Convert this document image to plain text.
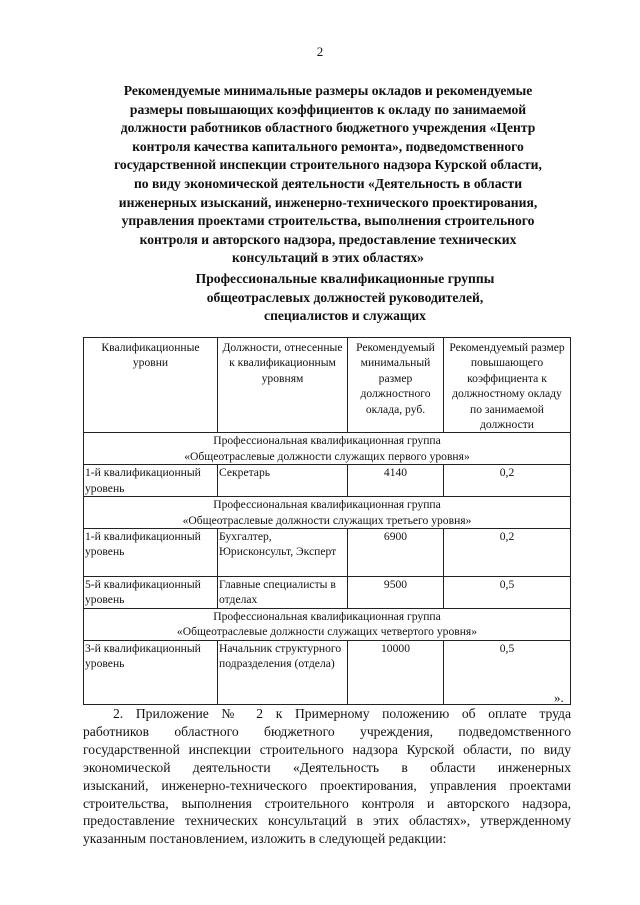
2
Рекомендуемые минимальные размеры окладов и рекомендуемые
размеры повышающих коэффициентов к окладу по занимаемой
должности работников областного бюджетного учреждения «Центр
контроля качества капитального ремонта», подведомственного
государственной инспекции строительного надзора Курской области,
по виду экономической деятельности «Деятельность в области
инженерных изысканий, инженерно-технического проектирования,
управления проектами строительства, выполнения строительного
контроля и авторского надзора, предоставление технических
консультаций в этих областях»
Профессиональные квалификационные группы
общеотраслевых должностей руководителей,
специалистов и служащих
Квалификационные уровни	Должности, отнесенные к квалификационным уровням	Рекомендуемый минимальный размер должностного оклада, руб.	Рекомендуемый размер повышающего коэффициента к должностному окладу по занимаемой должности

Профессиональная квалификационная группа
«Общеотраслевые должности служащих первого уровня»			

1-й квалификационный уровень	Секретарь	4140	0,2

Профессиональная квалификационная группа
«Общеотраслевые должности служащих третьего уровня»			

1-й квалификационный уровень	Бухгалтер, Юрисконсульт, Эксперт	6900	0,2
5-й квалификационный уровень	Главные специалисты в отделах	9500	0,5

Профессиональная квалификационная группа
«Общеотраслевые должности служащих четвертого уровня»			

3-й квалификационный уровень	Начальник структурного подразделения (отдела)	10000	0,5
».
2. Приложение № 2 к Примерному положению об оплате труда
работников областного бюджетного учреждения, подведомственного
государственной инспекции строительного надзора Курской области, по виду
экономической деятельности «Деятельность в области инженерных
изысканий, инженерно-технического проектирования, управления проектами
строительства, выполнения строительного контроля и авторского надзора,
предоставление технических консультаций в этих областях», утвержденному
указанным постановлением, изложить в следующей редакции:
